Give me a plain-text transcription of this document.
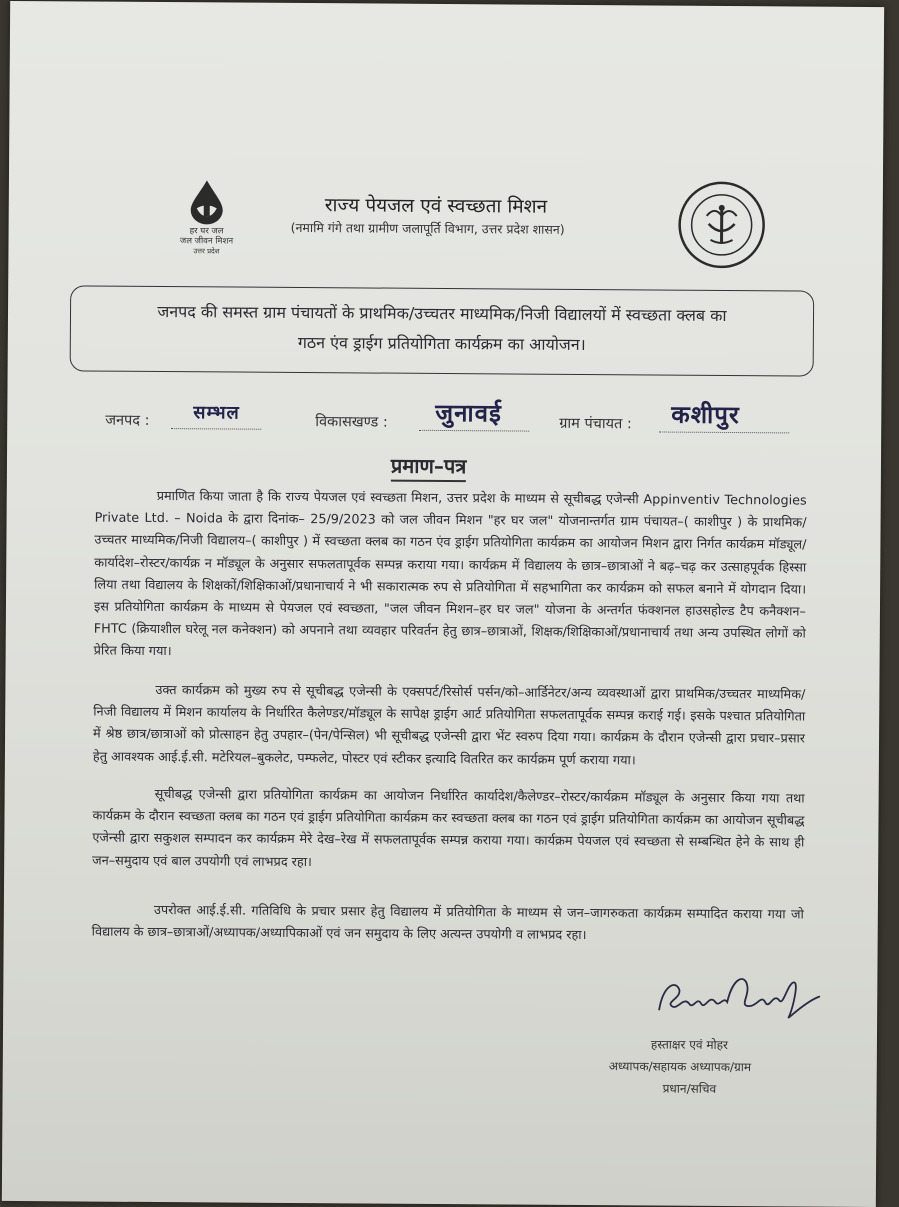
हर घर जल
जल जीवन मिशन
उत्तर प्रदेश
राज्य पेयजल एवं स्वच्छता मिशन
(नमामि गंगे तथा ग्रामीण जलापूर्ति विभाग, उत्तर प्रदेश शासन)
जनपद की समस्त ग्राम पंचायतों के प्राथमिक/उच्चतर माध्यमिक/निजी विद्यालयों में स्वच्छता क्लब का
गठन एंव ड्राईग प्रतियोगिता कार्यक्रम का आयोजन।
जनपद : सम्भल	विकासखण्ड : जुनावई	ग्राम पंचायत : कशीपुर
प्रमाण–पत्र

प्रमाणित किया जाता है कि राज्य पेयजल एवं स्वच्छता मिशन, उत्तर प्रदेश के माध्यम से सूचीबद्ध एजेन्सी Appinventiv Technologies Private Ltd. – Noida के द्वारा दिनांक– 25/9/2023 को जल जीवन मिशन "हर घर जल" योजनान्तर्गत ग्राम पंचायत–( काशीपुर ) के प्राथमिक/उच्चतर माध्यमिक/निजी विद्यालय–( काशीपुर ) में स्वच्छता क्लब का गठन एंव ड्राईग प्रतियोगिता कार्यक्रम का आयोजन मिशन द्वारा निर्गत कार्यक्रम मॉड्यूल/कार्यादेश–रोस्टर/कार्यक्र न मॉड्यूल के अनुसार सफलतापूर्वक सम्पन्न कराया गया। कार्यक्रम में विद्यालय के छात्र–छात्राओं ने बढ़–चढ़ कर उत्साहपूर्वक हिस्सा लिया तथा विद्यालय के शिक्षकों/शिक्षिकाओं/प्रधानाचार्य ने भी सकारात्मक रुप से प्रतियोगिता में सहभागिता कर कार्यक्रम को सफल बनाने में योगदान दिया। इस प्रतियोगिता कार्यक्रम के माध्यम से पेयजल एवं स्वच्छता, "जल जीवन मिशन–हर घर जल" योजना के अन्तर्गत फंक्शनल हाउसहोल्ड टैप कनैक्शन–FHTC (क्रियाशील घरेलू नल कनेक्शन) को अपनाने तथा व्यवहार परिवर्तन हेतु छात्र–छात्राओं, शिक्षक/शिक्षिकाओं/प्रधानाचार्य तथा अन्य उपस्थित लोगों को प्रेरित किया गया।

उक्त कार्यक्रम को मुख्य रुप से सूचीबद्ध एजेन्सी के एक्सपर्ट/रिसोर्स पर्सन/को–आर्डिनेटर/अन्य व्यवस्थाओं द्वारा प्राथमिक/उच्चतर माध्यमिक/निजी विद्यालय में मिशन कार्यालय के निर्धारित कैलेण्डर/मॉड्यूल के सापेक्ष ड्राईग आर्ट प्रतियोगिता सफलतापूर्वक सम्पन्न कराई गई। इसके पश्चात प्रतियोगिता में श्रेष्ठ छात्र/छात्राओं को प्रोत्साहन हेतु उपहार–(पेन/पेन्सिल) भी सूचीबद्ध एजेन्सी द्वारा भेंट स्वरुप दिया गया। कार्यक्रम के दौरान एजेन्सी द्वारा प्रचार–प्रसार हेतु आवश्यक आई.ई.सी. मटेरियल–बुकलेट, पम्फलेट, पोस्टर एवं स्टीकर इत्यादि वितरित कर कार्यक्रम पूर्ण कराया गया।

सूचीबद्ध एजेन्सी द्वारा प्रतियोगिता कार्यक्रम का आयोजन निर्धारित कार्यादेश/कैलेण्डर–रोस्टर/कार्यक्रम मॉड्यूल के अनुसार किया गया तथा कार्यक्रम के दौरान स्वच्छता क्लब का गठन एवं ड्राईग प्रतियोगिता कार्यक्रम कर स्वच्छता क्लब का गठन एवं ड्राईग प्रतियोगिता कार्यक्रम का आयोजन सूचीबद्ध एजेन्सी द्वारा सकुशल सम्पादन कर कार्यक्रम मेरे देख–रेख में सफलतापूर्वक सम्पन्न कराया गया। कार्यक्रम पेयजल एवं स्वच्छता से सम्बन्धित हेने के साथ ही जन–समुदाय एवं बाल उपयोगी एवं लाभप्रद रहा।

उपरोक्त आई.ई.सी. गतिविधि के प्रचार प्रसार हेतु विद्यालय में प्रतियोगिता के माध्यम से जन–जागरुकता कार्यक्रम सम्पादित कराया गया जो विद्यालय के छात्र–छात्राओं/अध्यापक/अध्यापिकाओं एवं जन समुदाय के लिए अत्यन्त उपयोगी व लाभप्रद रहा।

हस्ताक्षर एवं मोहर
अध्यापक/सहायक अध्यापक/ग्राम
प्रधान/सचिव
